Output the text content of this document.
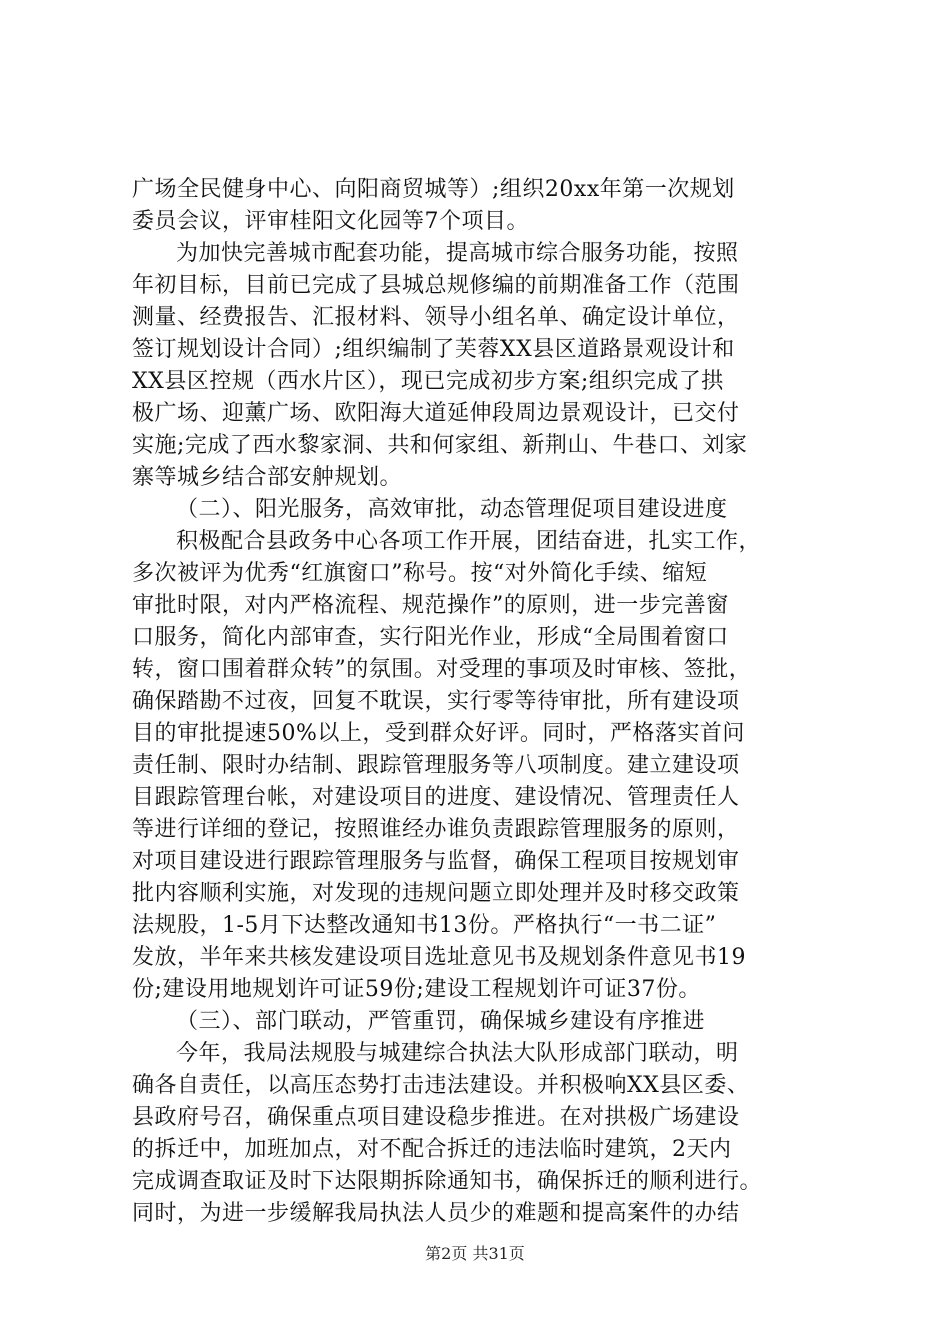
广场全民健身中心、向阳商贸城等）;组织20xx年第一次规划
委员会议，评审桂阳文化园等7个项目。
为加快完善城市配套功能，提高城市综合服务功能，按照
年初目标，目前已完成了县城总规修编的前期准备工作（范围
测量、经费报告、汇报材料、领导小组名单、确定设计单位，
签订规划设计合同）;组织编制了芙蓉XX县区道路景观设计和
XX县区控规（西水片区），现已完成初步方案;组织完成了拱
极广场、迎薰广场、欧阳海大道延伸段周边景观设计，已交付
实施;完成了西水黎家洞、共和何家组、新荆山、牛巷口、刘家
寨等城乡结合部安舯规划。
（二）、阳光服务，高效审批，动态管理促项目建设进度
积极配合县政务中心各项工作开展，团结奋进，扎实工作，
多次被评为优秀“红旗窗口”称号。按“对外简化手续、缩短
审批时限，对内严格流程、规范操作”的原则，进一步完善窗
口服务，简化内部审查，实行阳光作业，形成“全局围着窗口
转，窗口围着群众转”的氛围。对受理的事项及时审核、签批，
确保踏勘不过夜，回复不耽误，实行零等待审批，所有建设项
目的审批提速50%以上，受到群众好评。同时，严格落实首问
责任制、限时办结制、跟踪管理服务等八项制度。建立建设项
目跟踪管理台帐，对建设项目的进度、建设情况、管理责任人
等进行详细的登记，按照谁经办谁负责跟踪管理服务的原则，
对项目建设进行跟踪管理服务与监督，确保工程项目按规划审
批内容顺利实施，对发现的违规问题立即处理并及时移交政策
法规股，1-5月下达整改通知书13份。严格执行“一书二证”
发放，半年来共核发建设项目选址意见书及规划条件意见书19
份;建设用地规划许可证59份;建设工程规划许可证37份。
（三）、部门联动，严管重罚，确保城乡建设有序推进
今年，我局法规股与城建综合执法大队形成部门联动，明
确各自责任，以高压态势打击违法建设。并积极响XX县区委、
县政府号召，确保重点项目建设稳步推进。在对拱极广场建设
的拆迁中，加班加点，对不配合拆迁的违法临时建筑，2天内
完成调查取证及时下达限期拆除通知书，确保拆迁的顺利进行。
同时，为进一步缓解我局执法人员少的难题和提高案件的办结
第2页 共31页
